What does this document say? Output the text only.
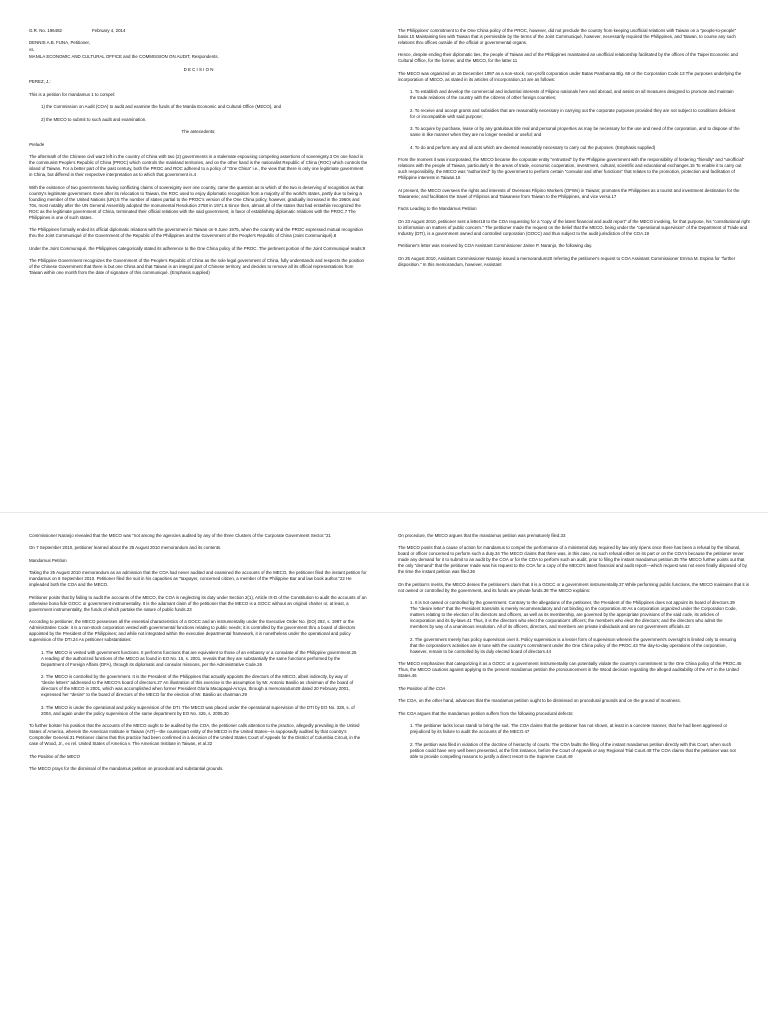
G.R. No. 196482	February 4, 2014

DENNIS A.B. FUNA, Petitioner,

vs.

MANILA ECONOMIC AND CULTURAL OFFICE and the COMMISSION ON AUDIT, Respondents.

D E C I S I O N

PEREZ, J.:

This is a petition for mandamus 1 to compel:

1) the Commission on Audit (COA) to audit and examine the funds of the Manila Economic and Cultural Office (MECO), and

2) the MECO to submit to such audit and examination.

The antecedents:

Prelude

The aftermath of the Chinese civil war2 left in the country of China with two (2) governments in a stalemate espousing competing assertions of sovereignty.3 On one hand is the communist People's Republic of China (PROC) which controls the mainland territories, and on the other hand is the nationalist Republic of China (ROC) which controls the island of Taiwan. For a better part of the past century, both the PROC and ROC adhered to a policy of "One China" i.e., the view that there is only one legitimate government in China, but differed in their respective interpretation as to which that government is.4

With the existence of two governments having conflicting claims of sovereignty over one country, came the question as to which of the two is deserving of recognition as that country's legitimate government. Even after its relocation to Taiwan, the ROC used to enjoy diplomatic recognition from a majority of the world's states, partly due to being a founding member of the United Nations (UN).5 The number of states partial to the PROC's version of the One China policy, however, gradually increased in the 1960s and 70s, most notably after the UN General Assembly adopted the monumental Resolution 2758 in 1971.6 Since then, almost all of the states that had erstwhile recognized the ROC as the legitimate government of China, terminated their official relations with the said government, in favor of establishing diplomatic relations with the PROC.7 The Philippines is one of such states.

The Philippines formally ended its official diplomatic relations with the government in Taiwan on 9 June 1975, when the country and the PROC expressed mutual recognition thru the Joint Communiqué of the Government of the Republic of the Philippines and the Government of the People's Republic of China (Joint Communiqué).8

Under the Joint Communiqué, the Philippines categorically stated its adherence to the One China policy of the PROC. The pertinent portion of the Joint Communiqué reads:9

The Philippine Government recognizes the Government of the People's Republic of China as the sole legal government of China, fully understands and respects the position of the Chinese Government that there is but one China and that Taiwan is an integral part of Chinese territory, and decides to remove all its official representations from Taiwan within one month from the date of signature of this communiqué. (Emphasis supplied)

The Philippines' commitment to the One China policy of the PROC, however, did not preclude the country from keeping unofficial relations with Taiwan on a "people-to-people" basis.10 Maintaining ties with Taiwan that is permissible by the terms of the Joint Communiqué, however, necessarily required the Philippines, and Taiwan, to course any such relations thru offices outside of the official or governmental organs.

Hence, despite ending their diplomatic ties, the people of Taiwan and of the Philippines maintained an unofficial relationship facilitated by the offices of the Taipei Economic and Cultural Office, for the former, and the MECO, for the latter.11

The MECO was organized on 16 December 1997 as a non-stock, non-profit corporation under Batas Pambansa Blg. 68 or the Corporation Code.13 The purposes underlying the incorporation of MECO, as stated in its articles of incorporation,14 are as follows:

1. To establish and develop the commercial and industrial interests of Filipino nationals here and abroad, and assist on all measures designed to promote and maintain the trade relations of the country with the citizens of other foreign countries;

2. To receive and accept grants and subsidies that are reasonably necessary in carrying out the corporate purposes provided they are not subject to conditions deficient for or incompatible with said purpose;

3. To acquire by purchase, lease or by any gratuitous title real and personal properties as may be necessary for the use and need of the corporation, and to dispose of the same in like manner when they are no longer needed or useful; and

4. To do and perform any and all acts which are deemed reasonably necessary to carry out the purposes. (Emphasis supplied)

From the moment it was incorporated, the MECO became the corporate entity "entrusted" by the Philippine government with the responsibility of fostering "friendly" and "unofficial" relations with the people of Taiwan, particularly in the areas of trade, economic cooperation, investment, cultural, scientific and educational exchanges.15 To enable it to carry out such responsibility, the MECO was "authorized" by the government to perform certain "consular and other functions" that relates to the promotion, protection and facilitation of Philippine interests in Taiwan.16

At present, the MECO oversees the rights and interests of Overseas Filipino Workers (OFWs) in Taiwan; promotes the Philippines as a tourist and investment destination for the Taiwanese; and facilitates the travel of Filipinos and Taiwanese from Taiwan to the Philippines, and vice versa.17

Facts Leading to the Mandamus Petition

On 23 August 2010, petitioner sent a letter18 to the COA requesting for a "copy of the latest financial and audit report" of the MECO invoking, for that purpose, his "constitutional right to information on matters of public concern." The petitioner made the request on the belief that the MECO, being under the "operational supervision" of the Department of Trade and Industry (DTI), is a government owned and controlled corporation (GOCC) and thus subject to the audit jurisdiction of the COA.19

Petitioner's letter was received by COA Assistant Commissioner Jaime P. Naranjo, the following day.

On 25 August 2010, Assistant Commissioner Naranjo issued a memorandum20 referring the petitioner's request to COA Assistant Commissioner Emma M. Espina for "further disposition." In this memorandum, however, Assistant

Commissioner Naranjo revealed that the MECO was "not among the agencies audited by any of the three Clusters of the Corporate Government Sector."21

On 7 September 2010, petitioner learned about the 25 August 2010 memorandum and its contents.

Mandamus Petition

Taking the 25 August 2010 memorandum as an admission that the COA had never audited and examined the accounts of the MECO, the petitioner filed the instant petition for mandamus on 8 September 2010. Petitioner filed the suit in his capacities as "taxpayer, concerned citizen, a member of the Philippine Bar and law book author."22 He impleaded both the COA and the MECO.

Petitioner posits that by failing to audit the accounts of the MECO, the COA is neglecting its duty under Section 2(1), Article IX-D of the Constitution to audit the accounts of an otherwise bona fide GOCC or government instrumentality. It is the adamant claim of the petitioner that the MECO is a GOCC without an original charter or, at least, a government instrumentality, the funds of which partake the nature of public funds.23

According to petitioner, the MECO possesses all the essential characteristics of a GOCC and an instrumentality under the Executive Order No. (EO) 292, s. 1987 or the Administrative Code: it is a non-stock corporation vested with governmental functions relating to public needs; it is controlled by the government thru a board of directors appointed by the President of the Philippines; and while not integrated within the executive departmental framework, it is nonetheless under the operational and policy supervision of the DTI.24 As petitioner substantiates:

1. The MECO is vested with government functions. It performs functions that are equivalent to those of an embassy or a consulate of the Philippine government.25 A reading of the authorized functions of the MECO as found in EO No. 15, s. 2001, reveals that they are substantially the same functions performed by the Department of Foreign Affairs (DFA), through its diplomatic and consular missions, per the Administrative Code.26

2. The MECO is controlled by the government. It is the President of the Philippines that actually appoints the directors of the MECO, albeit indirectly, by way of "desire letters" addressed to the MECO's board of directors.27 An illustration of this exercise is the assumption by Mr. Antonio Basilio as chairman of the board of directors of the MECO in 2001, which was accomplished when former President Gloria Macapagal-Arroyo, through a memorandum28 dated 20 February 2001, expressed her "desire" to the board of directors of the MECO for the election of Mr. Basilio as chairman.29

3. The MECO is under the operational and policy supervision of the DTI. The MECO was placed under the operational supervision of the DTI by EO No. 328, s. of 2004, and again under the policy supervision of the same department by EO No. 426, s. 2005.30

To further bolster his position that the accounts of the MECO ought to be audited by the COA, the petitioner calls attention to the practice, allegedly prevailing in the United States of America, wherein the American Institute in Taiwan (AIT)—the counterpart entity of the MECO in the United States—is supposedly audited by that country's Comptroller General.31 Petitioner claims that this practice had been confirmed in a decision of the United States Court of Appeals for the District of Columbia Circuit, in the case of Wood, Jr., ex rel. United States of America v. The American Institute in Taiwan, et al.32

The Position of the MECO

The MECO prays for the dismissal of the mandamus petition on procedural and substantial grounds.

On procedure, the MECO argues that the mandamus petition was prematurely filed.33

The MECO posits that a cause of action for mandamus to compel the performance of a ministerial duty required by law only ripens once there has been a refusal by the tribunal, board or officer concerned to perform such a duty.34 The MECO claims that there was, in this case, no such refusal either on its part or on the COA's because the petitioner never made any demand for it to submit to an audit by the COA or for the COA to perform such an audit, prior to filing the instant mandamus petition.35 The MECO further points out that the only "demand" that the petitioner made was his request to the COA for a copy of the MECO's latest financial and audit report—which request was not even finally disposed of by the time the instant petition was filed.36

On the petition's merits, the MECO denies the petitioner's claim that it is a GOCC or a government instrumentality.37 While performing public functions, the MECO maintains that it is not owned or controlled by the government, and its funds are private funds.38 The MECO explains:

1. It is not owned or controlled by the government. Contrary to the allegations of the petitioner, the President of the Philippines does not appoint its board of directors.39 The "desire letter" that the President transmits is merely recommendatory and not binding on the corporation.40 As a corporation organized under the Corporation Code, matters relating to the election of its directors and officers, as well as its membership, are governed by the appropriate provisions of the said code, its articles of incorporation and its by-laws.41 Thus, it is the directors who elect the corporation's officers; the members who elect the directors; and the directors who admit the members by way of a unanimous resolution. All of its officers, directors, and members are private individuals and are not government officials.42

2. The government merely has policy supervision over it. Policy supervision is a lesser form of supervision wherein the government's oversight is limited only to ensuring that the corporation's activities are in tune with the country's commitment under the One China policy of the PROC.43 The day-to-day operations of the corporation, however, remain to be controlled by its duly elected board of directors.44

The MECO emphasizes that categorizing it as a GOCC or a government instrumentality can potentially violate the country's commitment to the One China policy of the PROC.45 Thus, the MECO cautions against applying to the present mandamus petition the pronouncement in the Wood decision regarding the alleged auditability of the AIT in the United States.46

The Position of the COA

The COA, on the other hand, advances that the mandamus petition ought to be dismissed on procedural grounds and on the ground of mootness.

The COA argues that the mandamus petition suffers from the following procedural defects:

1. The petitioner lacks locus standi to bring the suit. The COA claims that the petitioner has not shown, at least in a concrete manner, that he had been aggrieved or prejudiced by its failure to audit the accounts of the MECO.47

2. The petition was filed in violation of the doctrine of hierarchy of courts. The COA faults the filing of the instant mandamus petition directly with this Court, when such petition could have very well been presented, at the first instance, before the Court of Appeals or any Regional Trial Court.48 The COA claims that the petitioner was not able to provide compelling reasons to justify a direct resort to the Supreme Court.49
